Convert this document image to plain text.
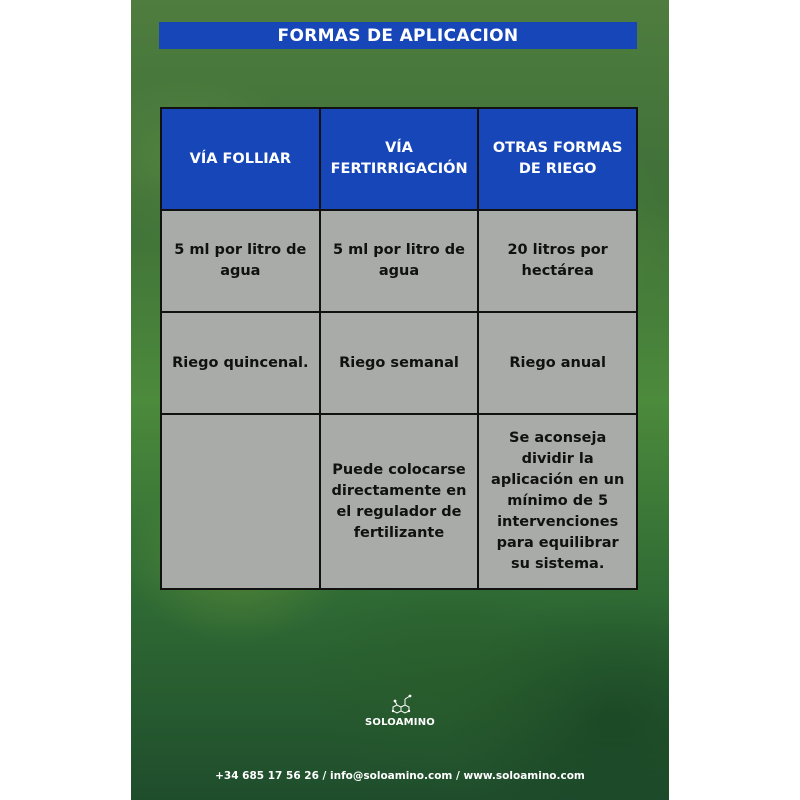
FORMAS DE APLICACION
VÍA FOLLIAR	VÍA FERTIRRIGACIÓN	OTRAS FORMAS DE RIEGO
5 ml por litro de agua	5 ml por litro de agua	20 litros por hectárea
Riego quincenal.	Riego semanal	Riego anual
	Puede colocarse directamente en el regulador de fertilizante	Se aconseja dividir la aplicación en un mínimo de 5 intervenciones para equilibrar su sistema.
SOLOAMINO
+34 685 17 56 26 / info@soloamino.com / www.soloamino.com
